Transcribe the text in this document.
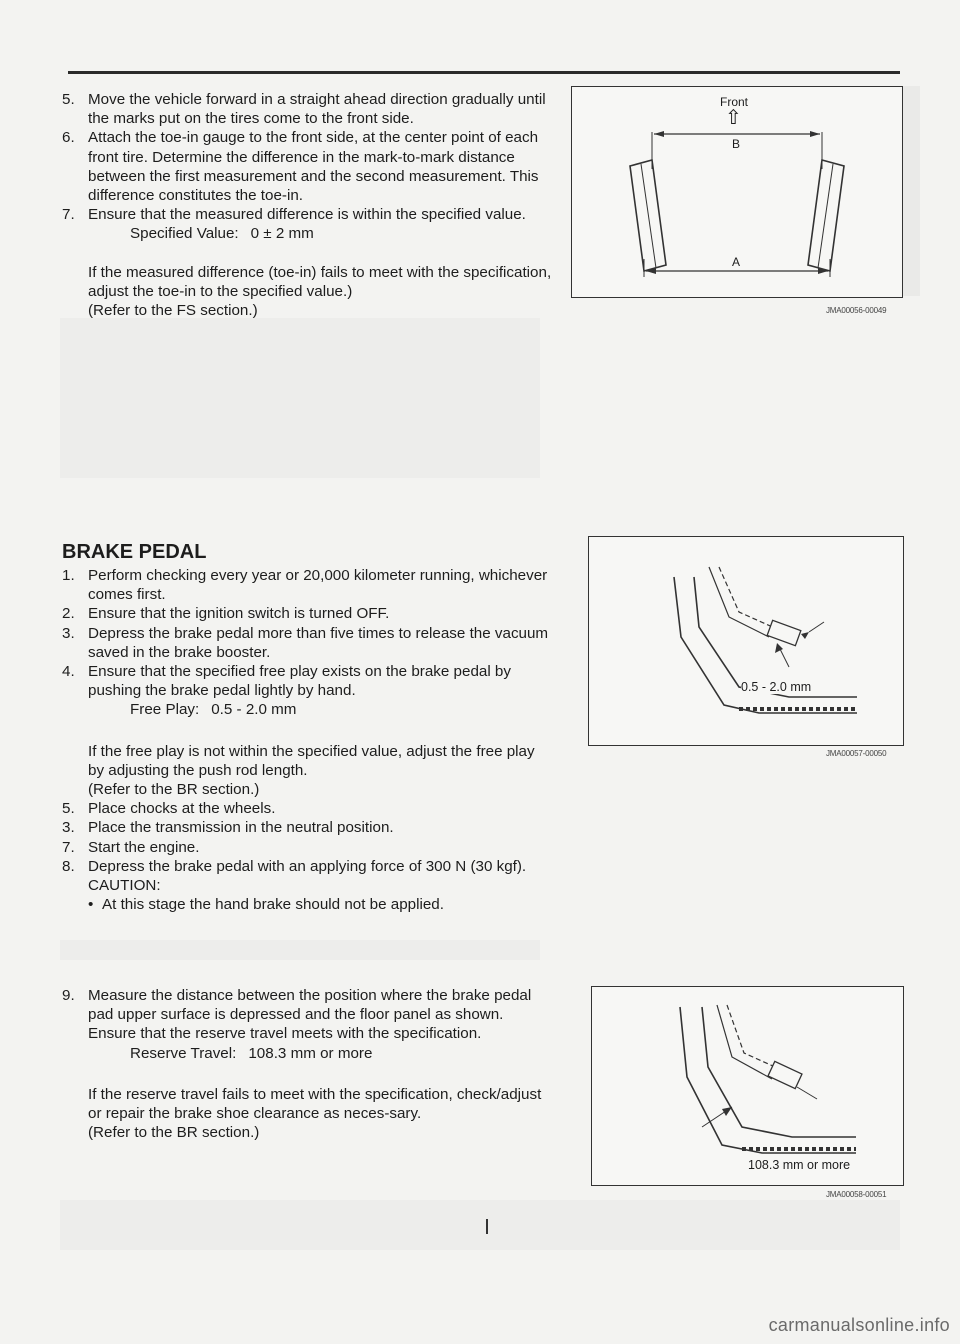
5. Move the vehicle forward in a straight ahead direction gradually until the marks put on the tires come to the front side.
6. Attach the toe-in gauge to the front side, at the center point of each front tire. Determine the difference in the mark-to-mark distance between the first measurement and the second measurement. This difference constitutes the toe-in.
7. Ensure that the measured difference is within the specified value.
Specified Value: 0 ± 2 mm
If the measured difference (toe-in) fails to meet with the specification, adjust the toe-in to the specified value.)
(Refer to the FS section.)
Front
⇧
B
A
JMA00056-00049
BRAKE PEDAL
1. Perform checking every year or 20,000 kilometer running, whichever comes first.
2. Ensure that the ignition switch is turned OFF.
3. Depress the brake pedal more than five times to release the vacuum saved in the brake booster.
4. Ensure that the specified free play exists on the brake pedal by pushing the brake pedal lightly by hand.
Free Play: 0.5 - 2.0 mm
If the free play is not within the specified value, adjust the free play by adjusting the push rod length.
(Refer to the BR section.)
5. Place chocks at the wheels.
3. Place the transmission in the neutral position.
7. Start the engine.
8. Depress the brake pedal with an applying force of 300 N (30 kgf).
CAUTION:
• At this stage the hand brake should not be applied.
9. Measure the distance between the position where the brake pedal pad upper surface is depressed and the floor panel as shown.
Ensure that the reserve travel meets with the specification.
Reserve Travel: 108.3 mm or more
If the reserve travel fails to meet with the specification, check/adjust or repair the brake shoe clearance as neces-sary.
(Refer to the BR section.)
0.5 - 2.0 mm
JMA00057-00050
108.3 mm or more
JMA00058-00051
carmanualsonline.info
